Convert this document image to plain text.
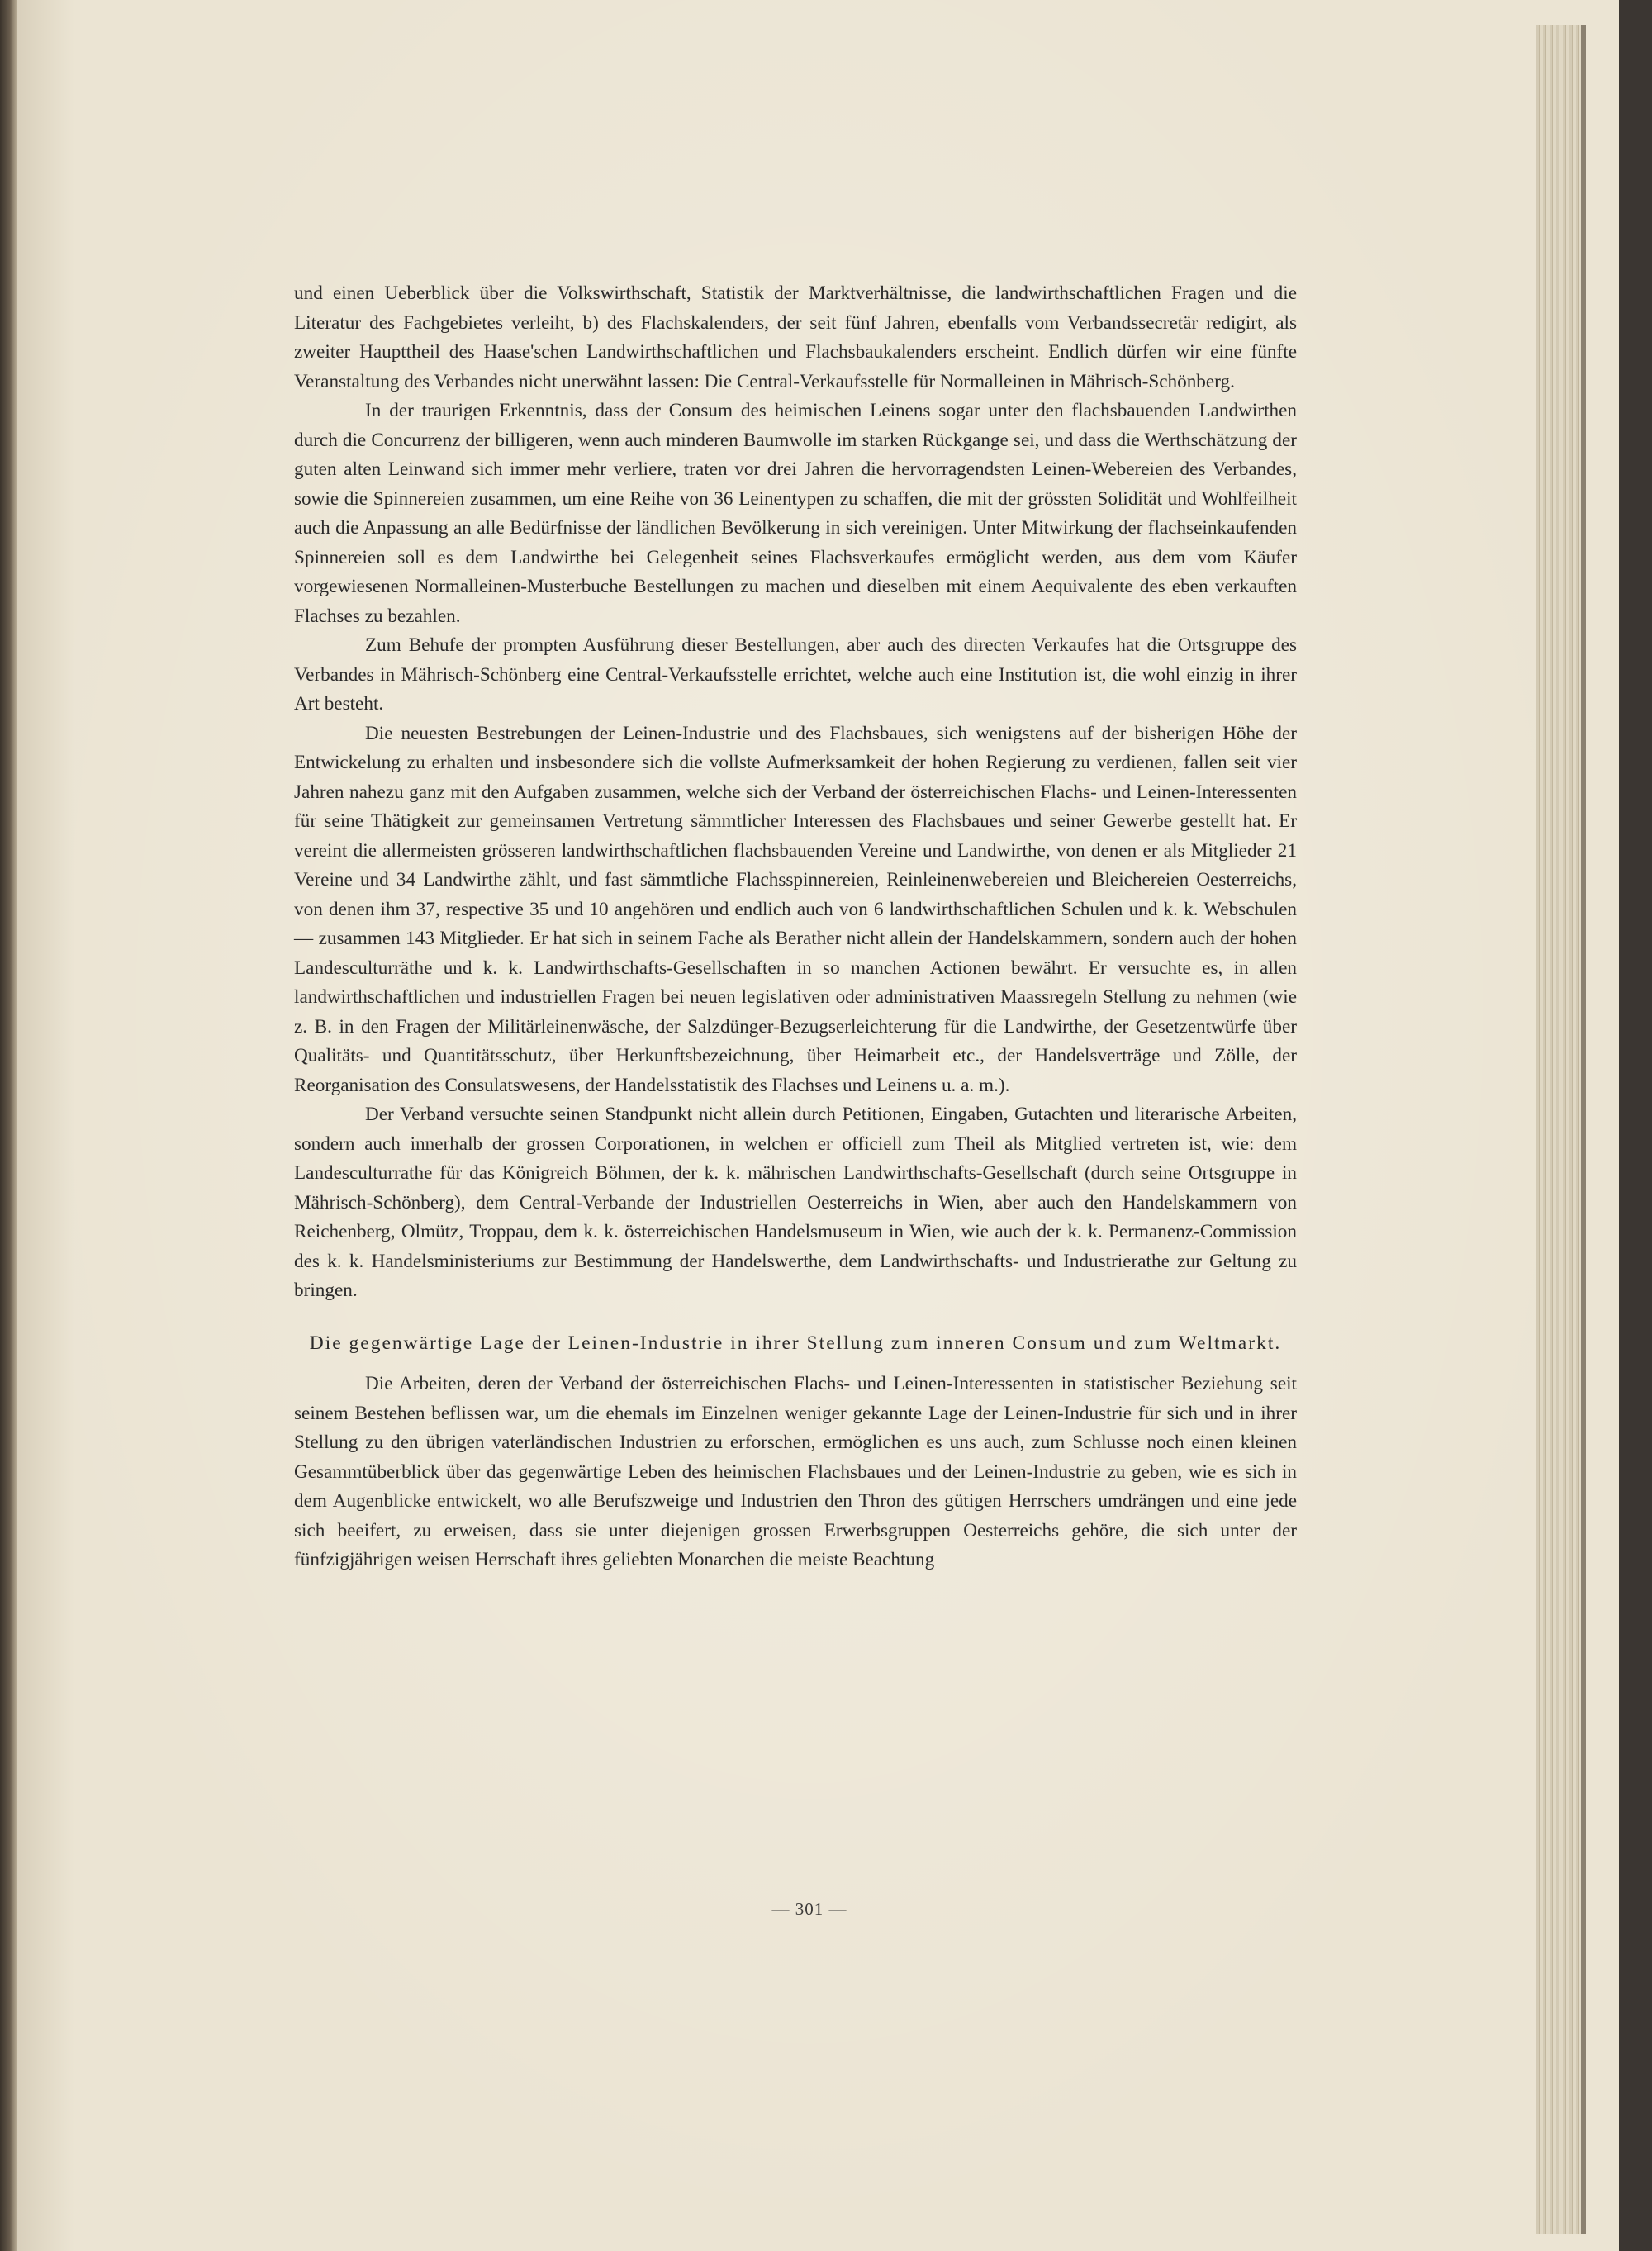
und einen Ueberblick über die Volkswirthschaft, Statistik der Marktverhältnisse, die landwirthschaftlichen Fragen und die Literatur des Fachgebietes verleiht, b) des Flachskalenders, der seit fünf Jahren, ebenfalls vom Verbandssecretär redigirt, als zweiter Haupttheil des Haase'schen Landwirthschaftlichen und Flachsbaukalenders erscheint. Endlich dürfen wir eine fünfte Veranstaltung des Verbandes nicht unerwähnt lassen: Die Central-Verkaufsstelle für Normalleinen in Mährisch-Schönberg.

In der traurigen Erkenntnis, dass der Consum des heimischen Leinens sogar unter den flachsbauenden Landwirthen durch die Concurrenz der billigeren, wenn auch minderen Baumwolle im starken Rückgange sei, und dass die Werthschätzung der guten alten Leinwand sich immer mehr verliere, traten vor drei Jahren die hervorragendsten Leinen-Webereien des Verbandes, sowie die Spinnereien zusammen, um eine Reihe von 36 Leinentypen zu schaffen, die mit der grössten Solidität und Wohlfeilheit auch die Anpassung an alle Bedürfnisse der ländlichen Bevölkerung in sich vereinigen. Unter Mitwirkung der flachseinkaufenden Spinnereien soll es dem Landwirthe bei Gelegenheit seines Flachsverkaufes ermöglicht werden, aus dem vom Käufer vorgewiesenen Normalleinen-Musterbuche Bestellungen zu machen und dieselben mit einem Aequivalente des eben verkauften Flachses zu bezahlen.

Zum Behufe der prompten Ausführung dieser Bestellungen, aber auch des directen Verkaufes hat die Ortsgruppe des Verbandes in Mährisch-Schönberg eine Central-Verkaufsstelle errichtet, welche auch eine Institution ist, die wohl einzig in ihrer Art besteht.

Die neuesten Bestrebungen der Leinen-Industrie und des Flachsbaues, sich wenigstens auf der bisherigen Höhe der Entwickelung zu erhalten und insbesondere sich die vollste Aufmerksamkeit der hohen Regierung zu verdienen, fallen seit vier Jahren nahezu ganz mit den Aufgaben zusammen, welche sich der Verband der österreichischen Flachs- und Leinen-Interessenten für seine Thätigkeit zur gemeinsamen Vertretung sämmtlicher Interessen des Flachsbaues und seiner Gewerbe gestellt hat. Er vereint die allermeisten grösseren landwirthschaftlichen flachsbauenden Vereine und Landwirthe, von denen er als Mitglieder 21 Vereine und 34 Landwirthe zählt, und fast sämmtliche Flachsspinnereien, Reinleinenwebereien und Bleichereien Oesterreichs, von denen ihm 37, respective 35 und 10 angehören und endlich auch von 6 landwirthschaftlichen Schulen und k. k. Webschulen — zusammen 143 Mitglieder. Er hat sich in seinem Fache als Berather nicht allein der Handelskammern, sondern auch der hohen Landesculturräthe und k. k. Landwirthschafts-Gesellschaften in so manchen Actionen bewährt. Er versuchte es, in allen landwirthschaftlichen und industriellen Fragen bei neuen legislativen oder administrativen Maassregeln Stellung zu nehmen (wie z. B. in den Fragen der Militärleinenwäsche, der Salzdünger-Bezugserleichterung für die Landwirthe, der Gesetzentwürfe über Qualitäts- und Quantitätsschutz, über Herkunftsbezeichnung, über Heimarbeit etc., der Handelsverträge und Zölle, der Reorganisation des Consulatswesens, der Handelsstatistik des Flachses und Leinens u. a. m.).

Der Verband versuchte seinen Standpunkt nicht allein durch Petitionen, Eingaben, Gutachten und literarische Arbeiten, sondern auch innerhalb der grossen Corporationen, in welchen er officiell zum Theil als Mitglied vertreten ist, wie: dem Landesculturrathe für das Königreich Böhmen, der k. k. mährischen Landwirthschafts-Gesellschaft (durch seine Ortsgruppe in Mährisch-Schönberg), dem Central-Verbande der Industriellen Oesterreichs in Wien, aber auch den Handelskammern von Reichenberg, Olmütz, Troppau, dem k. k. österreichischen Handelsmuseum in Wien, wie auch der k. k. Permanenz-Commission des k. k. Handelsministeriums zur Bestimmung der Handelswerthe, dem Landwirthschafts- und Industrierathe zur Geltung zu bringen.

Die gegenwärtige Lage der Leinen-Industrie in ihrer Stellung zum inneren Consum und zum Weltmarkt.

Die Arbeiten, deren der Verband der österreichischen Flachs- und Leinen-Interessenten in statistischer Beziehung seit seinem Bestehen beflissen war, um die ehemals im Einzelnen weniger gekannte Lage der Leinen-Industrie für sich und in ihrer Stellung zu den übrigen vaterländischen Industrien zu erforschen, ermöglichen es uns auch, zum Schlusse noch einen kleinen Gesammtüberblick über das gegenwärtige Leben des heimischen Flachsbaues und der Leinen-Industrie zu geben, wie es sich in dem Augenblicke entwickelt, wo alle Berufszweige und Industrien den Thron des gütigen Herrschers umdrängen und eine jede sich beeifert, zu erweisen, dass sie unter diejenigen grossen Erwerbsgruppen Oesterreichs gehöre, die sich unter der fünfzigjährigen weisen Herrschaft ihres geliebten Monarchen die meiste Beachtung

— 301 —
